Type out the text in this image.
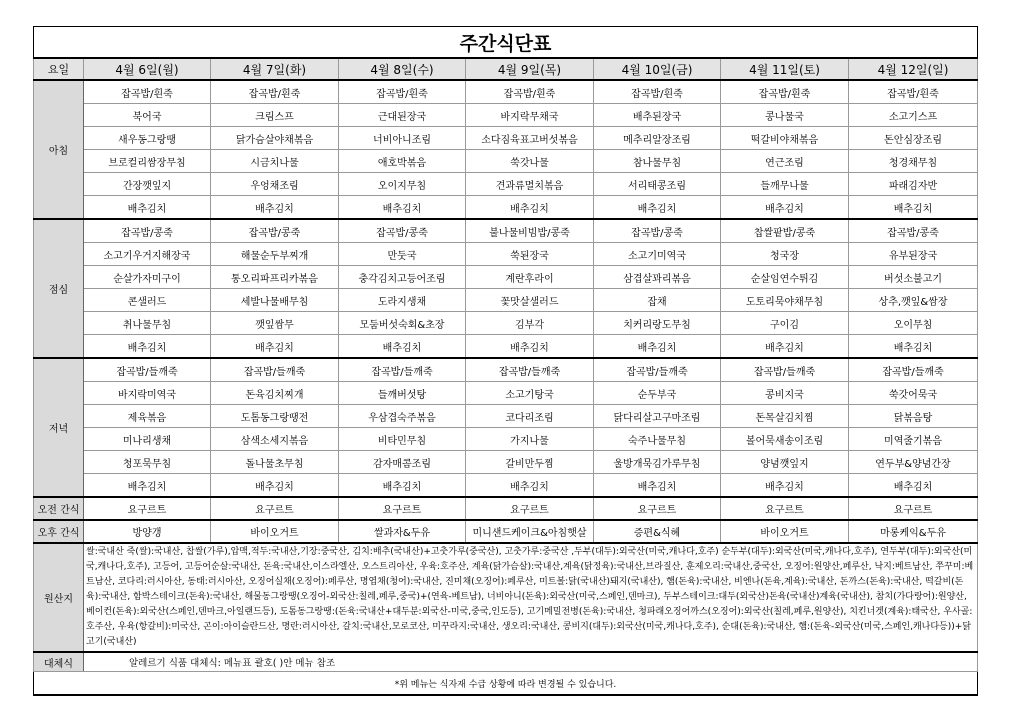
주간식단표							
요일	4월 6일(월)	4월 7일(화)	4월 8일(수)	4월 9일(목)	4월 10일(금)	4월 11일(토)	4월 12일(일)
아침	잡곡밥/흰죽	잡곡밥/흰죽	잡곡밥/흰죽	잡곡밥/흰죽	잡곡밥/흰죽	잡곡밥/흰죽	잡곡밥/흰죽
	북어국	크림스프	근대된장국	바지락무채국	배추된장국	콩나물국	소고기스프
	새우동그랑땡	닭가슴살야채볶음	너비아니조림	소다짐육표고버섯볶음	메추리알장조림	떡갈비야채볶음	돈안심장조림
	브로컬리쌈장무침	시금치나물	애호박볶음	쑥갓나물	참나물무침	연근조림	청경채무침
	간장깻잎지	우엉채조림	오이지무침	견과류멸치볶음	서리태콩조림	들깨무나물	파래김자반
	배추김치	배추김치	배추김치	배추김치	배추김치	배추김치	배추김치
점심	잡곡밥/콩죽	잡곡밥/콩죽	잡곡밥/콩죽	불나물비빔밥/콩죽	잡곡밥/콩죽	찹쌀팥밥/콩죽	잡곡밥/콩죽
	소고기우거지해장국	해물순두부찌개	만둣국	쑥된장국	소고기미역국	청국장	유부된장국
	순살가자미구이	통오리파프리카볶음	충각김치고등어조림	계란후라이	삼겹살꽈리볶음	순살임연수튀김	버섯소불고기
	콘샐러드	세발나물배무침	도라지생채	꽃맛살샐러드	잡채	도토리묵야채무침	상추,깻잎&쌈장
	취나물무침	깻잎쌈무	모둠버섯숙회&초장	김부각	치커리랑도무침	구이김	오이무침
	배추김치	배추김치	배추김치	배추김치	배추김치	배추김치	배추김치
저녁	잡곡밥/들깨죽	잡곡밥/들깨죽	잡곡밥/들깨죽	잡곡밥/들깨죽	잡곡밥/들깨죽	잡곡밥/들깨죽	잡곡밥/들깨죽
	바지락미역국	돈육김치찌개	들깨버섯탕	소고기탕국	순두부국	콩비지국	쑥갓어묵국
	제육볶음	도톰동그랑땡전	우삼겹숙주볶음	코다리조림	닭다리살고구마조림	돈목살김치찜	닭볶음탕
	미나리생채	삼색소세지볶음	비타민무침	가지나물	숙주나물무침	볼어묵새송이조림	미역줄기볶음
	청포묵무침	돌나물초무침	감자매콤조림	갈비만두찜	울방개묵김가루무침	양념깻잎지	연두부&양념간장
	배추김치	배추김치	배추김치	배추김치	배추김치	배추김치	배추김치
오전 간식	요구르트	요구르트	요구르트	요구르트	요구르트	요구르트	요구르트
오후 간식	방양갱	바이오거트	쌀과자&두유	미니샌드케이크&아침햇살	증편&식혜	바이오거트	마롱케익&두유
원산지	쌀:국내산 죽(쌀):국내산, 찹쌀(가루),압맥,적두:국내산,기장:중국산, 김치:배추(국내산)+고춧가루(중국산), 고춧가루:중국산 ,두부(대두):외국산(미국,캐나다,호주) 순두부(대두):외국산(미국,캐나다,호주), 연두부(대두):외국산(미국,캐나다,호주), 고등어, 고등어순살:국내산, 돈육:국내산,이스라엘산, 오스트리아산, 우육:호주산, 계육(닭가슴살):국내산,계육(닭정육):국내산,브라질산, 훈제오리:국내산,중국산, 오징어:원양산,페루산, 낙지:베트남산, 쭈꾸미:베트남산, 코다리:러시아산, 동태:러시아산, 오징어실채(오징어):페루산, 명엽채(청어):국내산, 진미채(오징어):페루산, 미트볼:닭(국내산)돼지(국내산), 햄(돈육):국내산, 비엔나(돈육,계육):국내산, 돈까스(돈육):국내산, 떡갈비(돈육):국내산, 함박스테이크(돈육):국내산, 해물동그랑땡(오징어-외국산:칠레,페루,중국)+(연육-베트남), 너비아니(돈육):외국산(미국,스페인,덴마크), 두부스테이크:대두(외국산)돈육(국내산)계육(국내산), 참치(가다랑어):원양산, 베이컨(돈육):외국산(스페인,덴마크,아일랜드등), 도톰동그랑땡:(돈육:국내산+대두분:외국산-미국,중국,인도등), 고기메밀전병(돈육):국내산, 청파래오징어까스(오징어):외국산(칠레,페루,원양산), 치킨너겟(계육):태국산, 우사골:호주산, 우육(항갈비):미국산, 곤이:아이슬란드산, 명란:러시아산, 갈치:국내산,모로코산, 미꾸라지:국내산, 생오리:국내산, 콩비지(대두):외국산(미국,캐나다,호주), 순대(돈육):국내산, 햄:(돈육-외국산(미국,스페인,캐나다등))+닭고기(국내산)						
대체식	알레르기 식품 대체식: 메뉴표 괄호( )안 메뉴 참조						
*위 메뉴는 식자재 수급 상황에 따라 변경될 수 있습니다.							
